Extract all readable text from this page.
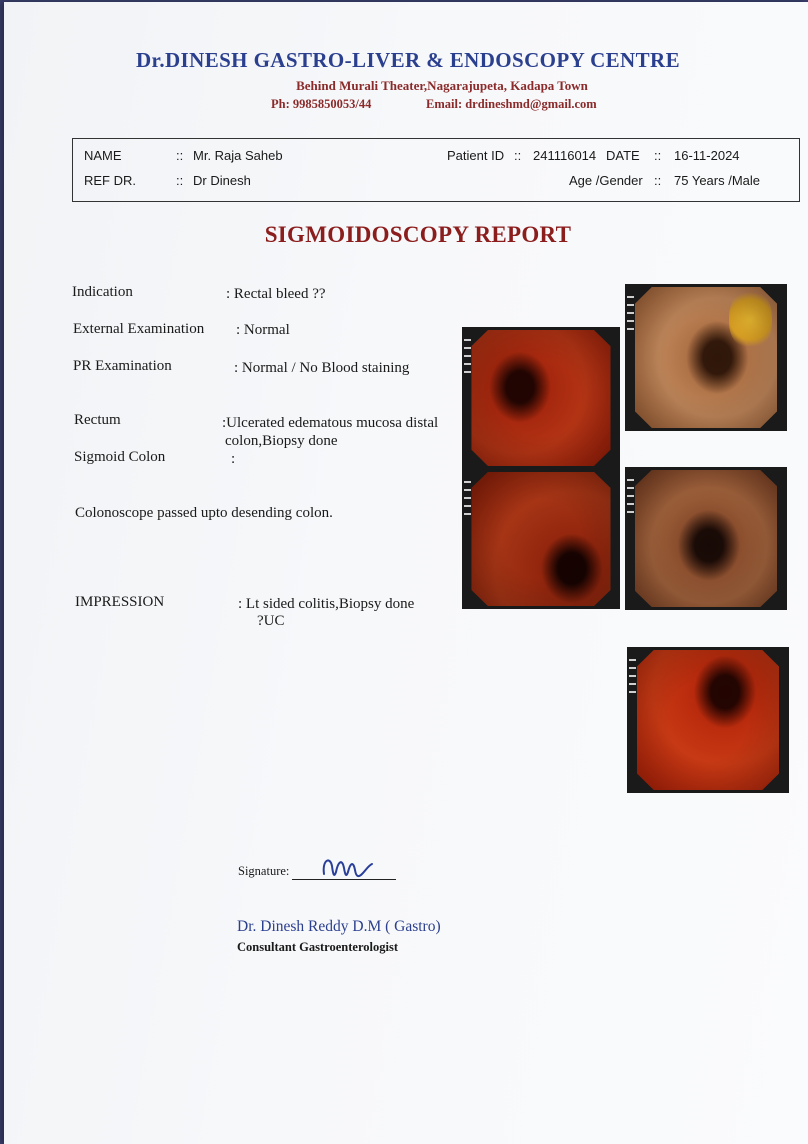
Dr.DINESH GASTRO-LIVER & ENDOSCOPY CENTRE
Behind Murali Theater,Nagarajupeta, Kadapa Town
Ph: 9985850053/44	Email: drdineshmd@gmail.com
NAME	:: Mr. Raja Saheb
REF DR.	:: Dr Dinesh
Patient ID :: 241116014 DATE :: 16-11-2024
Age /Gender :: 75 Years /Male
SIGMOIDOSCOPY REPORT
Indication	: Rectal bleed ??
External Examination : Normal
PR Examination	: Normal / No Blood staining
Rectum	:Ulcerated edematous mucosa distal
colon,Biopsy done
Sigmoid Colon	:
Colonoscope passed upto desending colon.
IMPRESSION	: Lt sided colitis,Biopsy done
?UC
Signature:
Dr. Dinesh Reddy D.M ( Gastro)
Consultant Gastroenterologist
